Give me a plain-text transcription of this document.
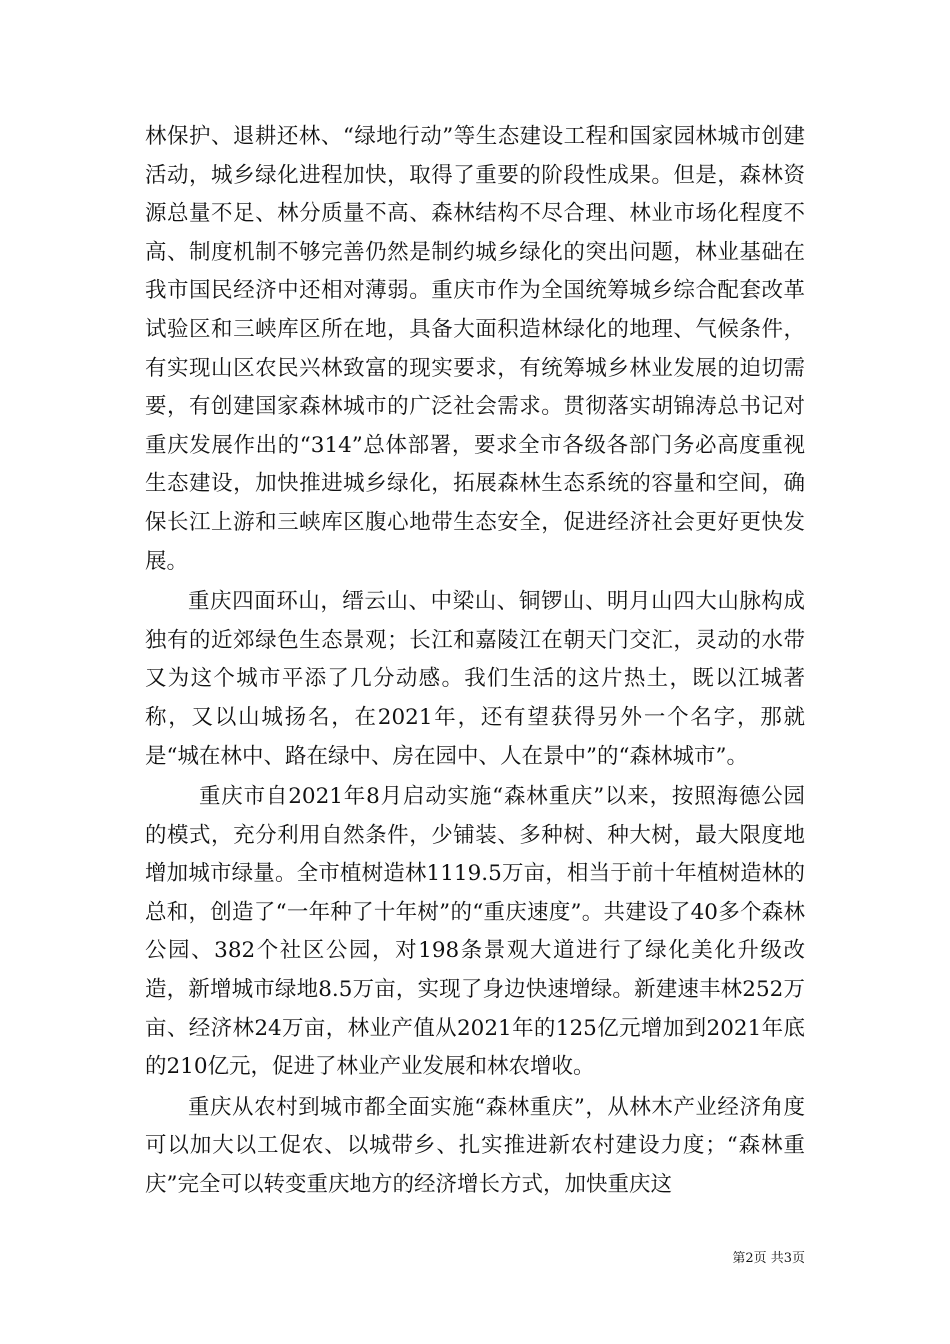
林保护、退耕还林、“绿地行动”等生态建设工程和国家园林城市创建活动，城乡绿化进程加快，取得了重要的阶段性成果。但是，森林资源总量不足、林分质量不高、森林结构不尽合理、林业市场化程度不高、制度机制不够完善仍然是制约城乡绿化的突出问题，林业基础在我市国民经济中还相对薄弱。重庆市作为全国统筹城乡综合配套改革试验区和三峡库区所在地，具备大面积造林绿化的地理、气候条件，有实现山区农民兴林致富的现实要求，有统筹城乡林业发展的迫切需要，有创建国家森林城市的广泛社会需求。贯彻落实胡锦涛总书记对重庆发展作出的“314”总体部署，要求全市各级各部门务必高度重视生态建设，加快推进城乡绿化，拓展森林生态系统的容量和空间，确保长江上游和三峡库区腹心地带生态安全，促进经济社会更好更快发展。

重庆四面环山，缙云山、中梁山、铜锣山、明月山四大山脉构成独有的近郊绿色生态景观；长江和嘉陵江在朝天门交汇，灵动的水带又为这个城市平添了几分动感。我们生活的这片热土，既以江城著称，又以山城扬名，在2021年，还有望获得另外一个名字，那就是“城在林中、路在绿中、房在园中、人在景中”的“森林城市”。

重庆市自2021年8月启动实施“森林重庆”以来，按照海德公园的模式，充分利用自然条件，少铺装、多种树、种大树，最大限度地增加城市绿量。全市植树造林1119.5万亩，相当于前十年植树造林的总和，创造了“一年种了十年树”的“重庆速度”。共建设了40多个森林公园、382个社区公园，对198条景观大道进行了绿化美化升级改造，新增城市绿地8.5万亩，实现了身边快速增绿。新建速丰林252万亩、经济林24万亩，林业产值从2021年的125亿元增加到2021年底的210亿元，促进了林业产业发展和林农增收。

重庆从农村到城市都全面实施“森林重庆”，从林木产业经济角度可以加大以工促农、以城带乡、扎实推进新农村建设力度；“森林重庆”完全可以转变重庆地方的经济增长方式，加快重庆这

第2页 共3页
